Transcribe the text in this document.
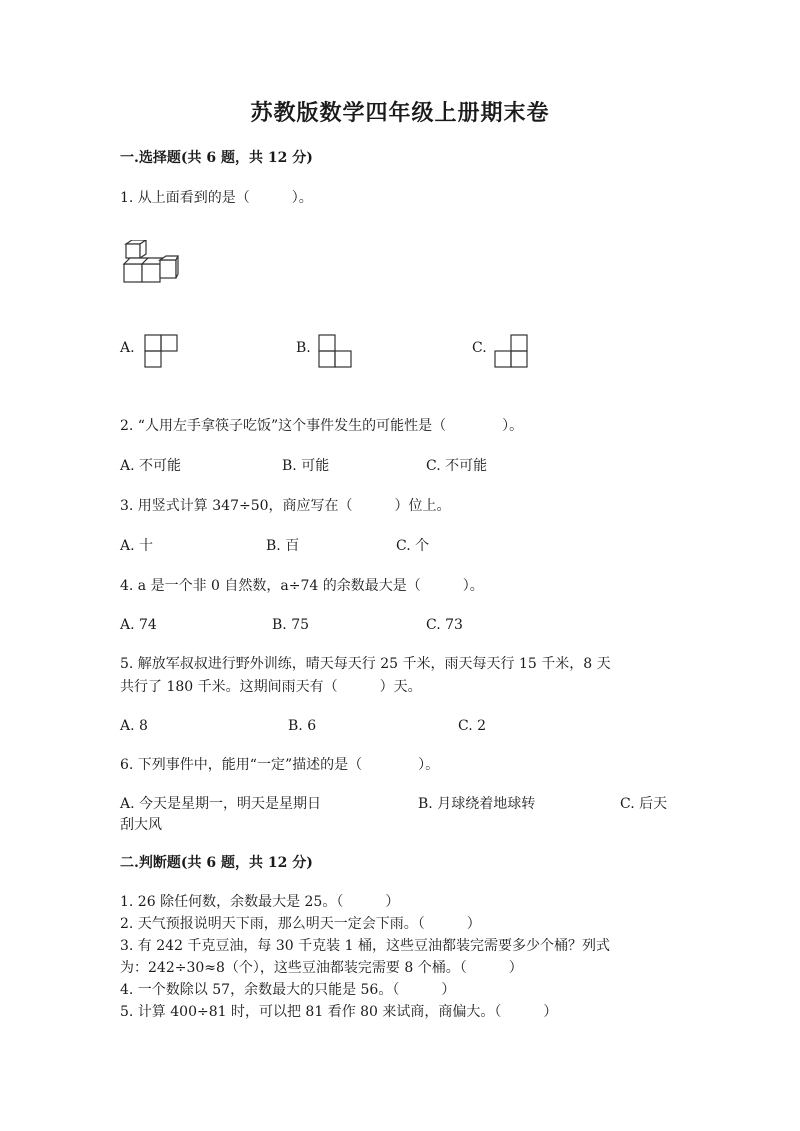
苏教版数学四年级上册期末卷
一.选择题(共 6 题，共 12 分)
1. 从上面看到的是（　　　）。
A.	B.	C.
2. “人用左手拿筷子吃饭”这个事件发生的可能性是（　　　　）。
A. 不可能	B. 可能	C. 不可能
3. 用竖式计算 347÷50，商应写在（　　　）位上。
A. 十	B. 百	C. 个
4. a 是一个非 0 自然数，a÷74 的余数最大是（　　　）。
A. 74	B. 75	C. 73
5. 解放军叔叔进行野外训练，晴天每天行 25 千米，雨天每天行 15 千米，8 天
共行了 180 千米。这期间雨天有（　　　）天。
A. 8	B. 6	C. 2
6. 下列事件中，能用“一定”描述的是（　　　　）。
A. 今天是星期一，明天是星期日	B. 月球绕着地球转	C. 后天
刮大风
二.判断题(共 6 题，共 12 分)
1. 26 除任何数，余数最大是 25。（　　　）
2. 天气预报说明天下雨，那么明天一定会下雨。（　　　）
3. 有 242 千克豆油，每 30 千克装 1 桶，这些豆油都装完需要多少个桶？列式
为：242÷30≈8（个），这些豆油都装完需要 8 个桶。（　　　）
4. 一个数除以 57，余数最大的只能是 56。（　　　）
5. 计算 400÷81 时，可以把 81 看作 80 来试商，商偏大。（　　　）
